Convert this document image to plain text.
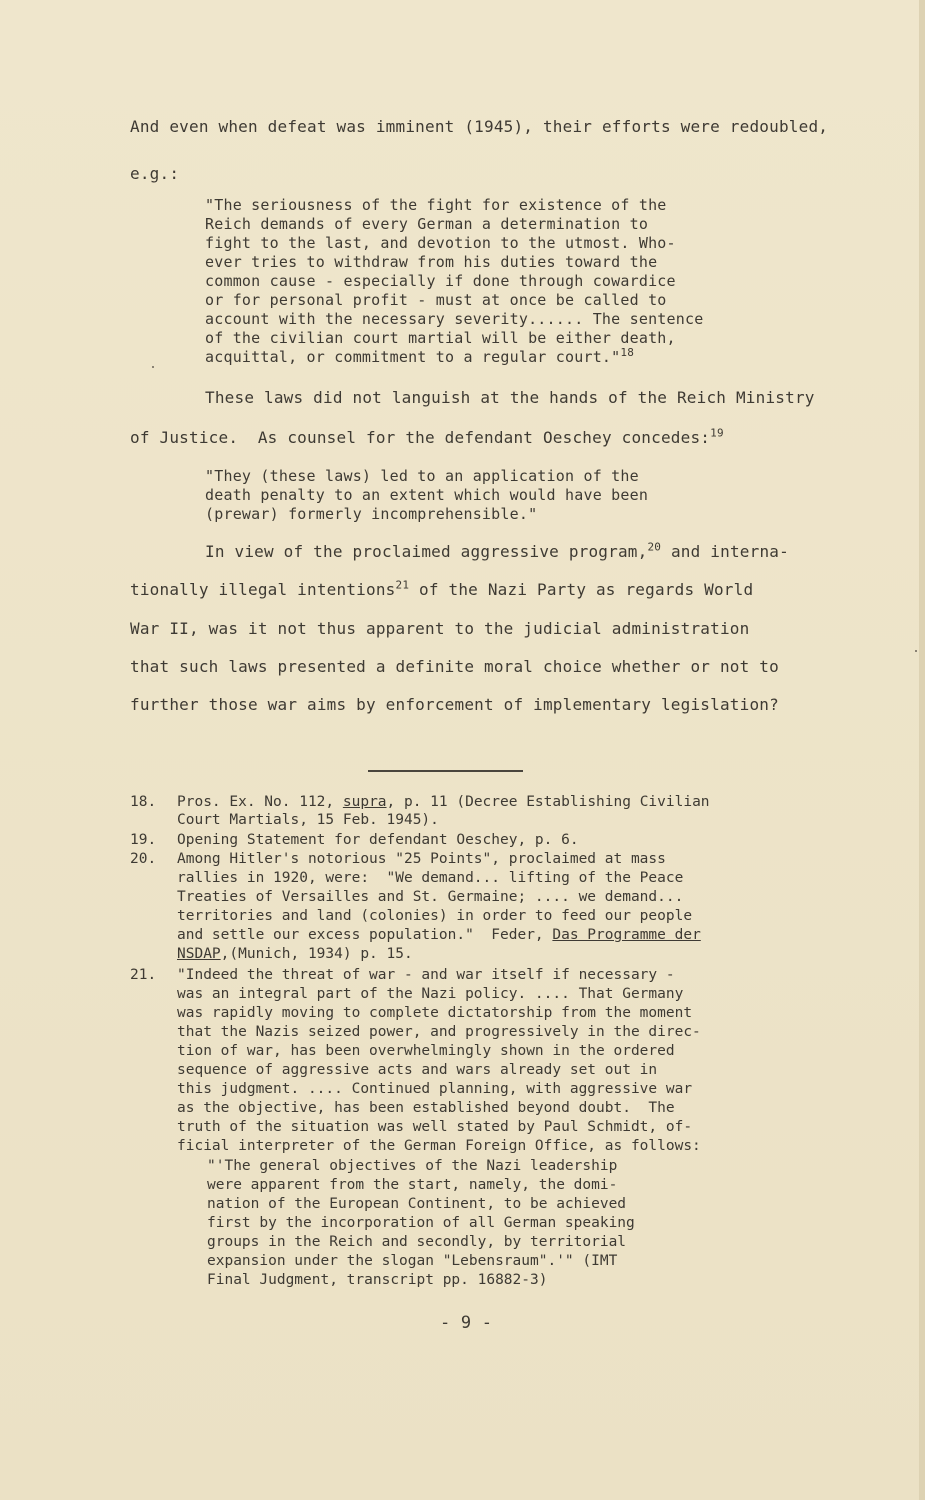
And even when defeat was imminent (1945), their efforts were redoubled,
e.g.:
"The seriousness of the fight for existence of the
Reich demands of every German a determination to
fight to the last, and devotion to the utmost. Who-
ever tries to withdraw from his duties toward the
common cause - especially if done through cowardice
or for personal profit - must at once be called to
account with the necessary severity...... The sentence
of the civilian court martial will be either death,
acquittal, or commitment to a regular court."$^{18}$
These laws did not languish at the hands of the Reich Ministry
of Justice.  As counsel for the defendant Oeschey concedes:$^{19}$
"They (these laws) led to an application of the
death penalty to an extent which would have been
(prewar) formerly incomprehensible."
In view of the proclaimed aggressive program,$^{20}$ and interna-
tionally illegal intentions$^{21}$ of the Nazi Party as regards World
War II, was it not thus apparent to the judicial administration
that such laws presented a definite moral choice whether or not to
further those war aims by enforcement of implementary legislation?
18. Pros. Ex. No. 112, supra, p. 11 (Decree Establishing Civilian
Court Martials, 15 Feb. 1945).
19. Opening Statement for defendant Oeschey, p. 6.
20. Among Hitler's notorious "25 Points", proclaimed at mass
rallies in 1920, were:  "We demand... lifting of the Peace
Treaties of Versailles and St. Germaine; .... we demand...
territories and land (colonies) in order to feed our people
and settle our excess population."  Feder, Das Programme der
NSDAP,(Munich, 1934) p. 15.
21. "Indeed the threat of war - and war itself if necessary -
was an integral part of the Nazi policy. .... That Germany
was rapidly moving to complete dictatorship from the moment
that the Nazis seized power, and progressively in the direc-
tion of war, has been overwhelmingly shown in the ordered
sequence of aggressive acts and wars already set out in
this judgment. .... Continued planning, with aggressive war
as the objective, has been established beyond doubt.  The
truth of the situation was well stated by Paul Schmidt, of-
ficial interpreter of the German Foreign Office, as follows:
"'The general objectives of the Nazi leadership
were apparent from the start, namely, the domi-
nation of the European Continent, to be achieved
first by the incorporation of all German speaking
groups in the Reich and secondly, by territorial
expansion under the slogan "Lebensraum".'" (IMT
Final Judgment, transcript pp. 16882-3)
- 9 -
